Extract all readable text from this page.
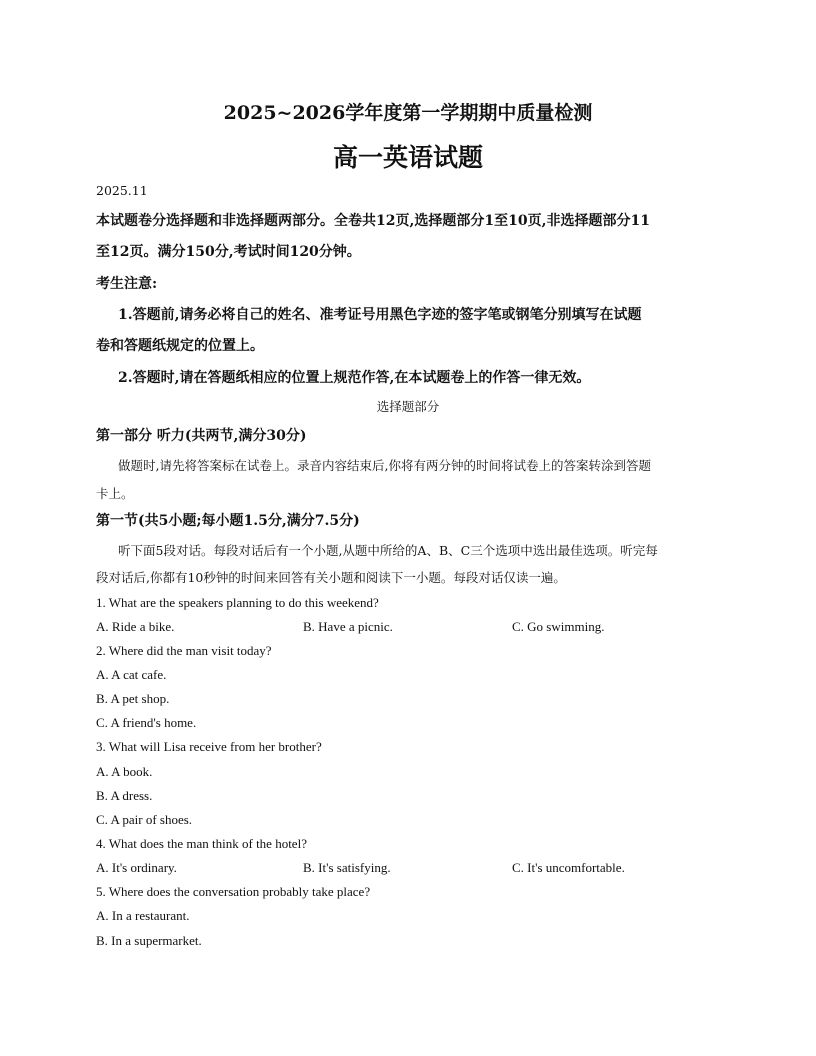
2025~2026学年度第一学期期中质量检测
高一英语试题
2025.11
本试题卷分选择题和非选择题两部分。全卷共12页,选择题部分1至10页,非选择题部分11
至12页。满分150分,考试时间120分钟。
考生注意:
1.答题前,请务必将自己的姓名、准考证号用黑色字迹的签字笔或钢笔分别填写在试题
卷和答题纸规定的位置上。
2.答题时,请在答题纸相应的位置上规范作答,在本试题卷上的作答一律无效。
选择题部分
第一部分 听力(共两节,满分30分)
做题时,请先将答案标在试卷上。录音内容结束后,你将有两分钟的时间将试卷上的答案转涂到答题
卡上。
第一节(共5小题;每小题1.5分,满分7.5分)
听下面5段对话。每段对话后有一个小题,从题中所给的A、B、C三个选项中选出最佳选项。听完每
段对话后,你都有10秒钟的时间来回答有关小题和阅读下一小题。每段对话仅读一遍。
1. What are the speakers planning to do this weekend?
A. Ride a bike.	B. Have a picnic.	C. Go swimming.
2. Where did the man visit today?
A. A cat cafe.
B. A pet shop.
C. A friend's home.
3. What will Lisa receive from her brother?
A. A book.
B. A dress.
C. A pair of shoes.
4. What does the man think of the hotel?
A. It's ordinary.	B. It's satisfying.	C. It's uncomfortable.
5. Where does the conversation probably take place?
A. In a restaurant.
B. In a supermarket.
